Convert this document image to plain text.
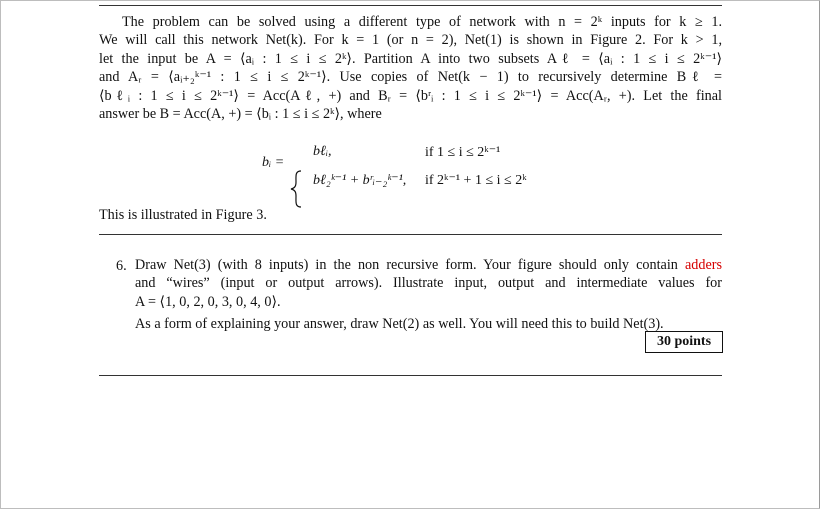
The problem can be solved using a different type of network with n = 2ᵏ inputs for k ≥ 1.
We will call this network Net(k). For k = 1 (or n = 2), Net(1) is shown in Figure 2. For k > 1,
let the input be A = ⟨aᵢ : 1 ≤ i ≤ 2ᵏ⟩. Partition A into two subsets Aℓ = ⟨aᵢ : 1 ≤ i ≤ 2ᵏ⁻¹⟩
and Aᵣ = ⟨aᵢ₊₂ᵏ⁻¹ : 1 ≤ i ≤ 2ᵏ⁻¹⟩. Use copies of Net(k − 1) to recursively determine Bℓ =
⟨bℓᵢ : 1 ≤ i ≤ 2ᵏ⁻¹⟩ = Acc(Aℓ, +) and Bᵣ = ⟨bʳᵢ : 1 ≤ i ≤ 2ᵏ⁻¹⟩ = Acc(Aᵣ, +). Let the final
answer be B = Acc(A, +) = ⟨bᵢ : 1 ≤ i ≤ 2ᵏ⟩, where
bᵢ =
bℓᵢ,	if 1 ≤ i ≤ 2ᵏ⁻¹
bℓ₂ᵏ⁻¹ + bʳᵢ₋₂ᵏ⁻¹, if 2ᵏ⁻¹ + 1 ≤ i ≤ 2ᵏ
This is illustrated in Figure 3.
6. Draw Net(3) (with 8 inputs) in the non recursive form. Your figure should only contain adders
and “wires” (input or output arrows). Illustrate input, output and intermediate values for
A = ⟨1, 0, 2, 0, 3, 0, 4, 0⟩.
As a form of explaining your answer, draw Net(2) as well. You will need this to build Net(3).
30 points
